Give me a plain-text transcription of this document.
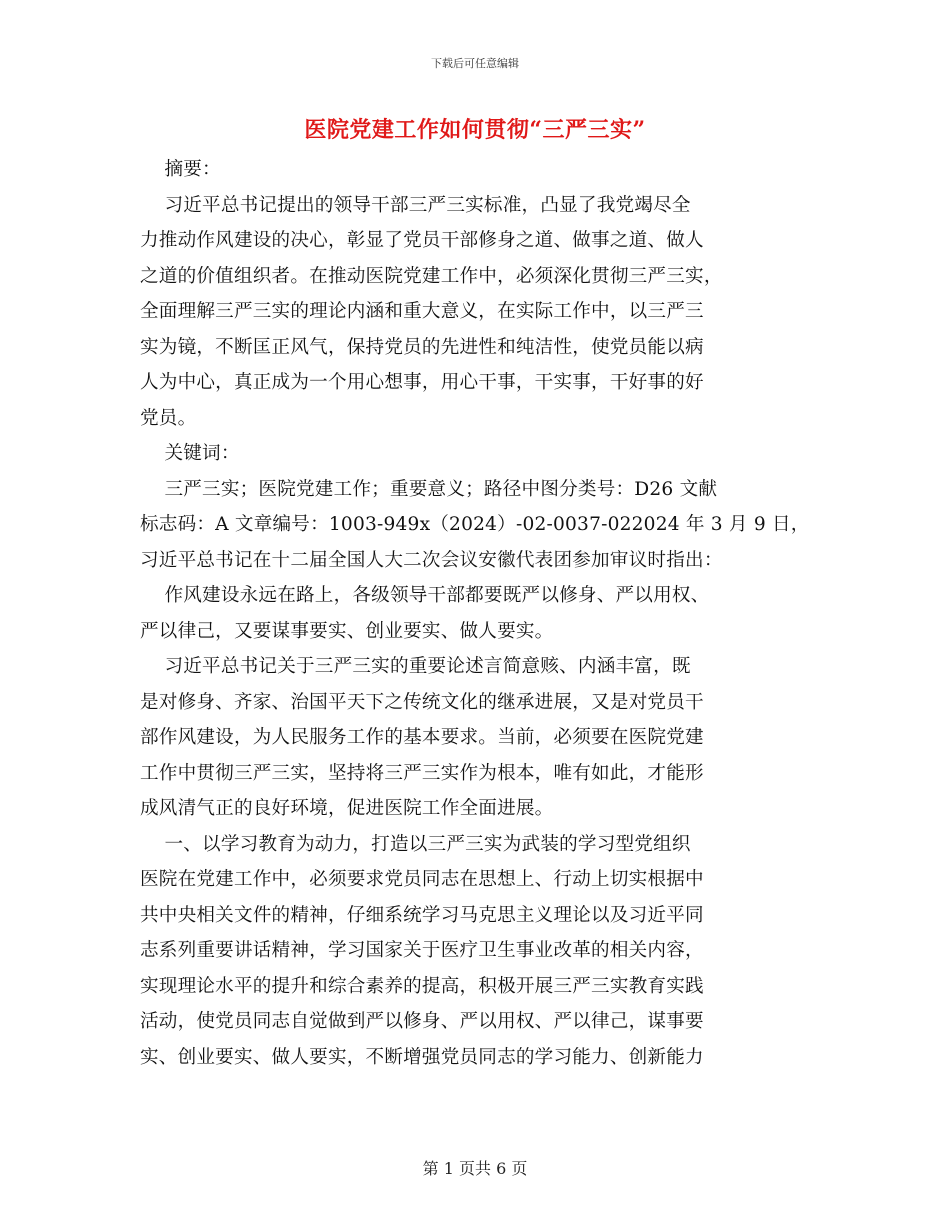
下载后可任意编辑
医院党建工作如何贯彻“三严三实”
摘要：
习近平总书记提出的领导干部三严三实标准，凸显了我党竭尽全
力推动作风建设的决心，彰显了党员干部修身之道、做事之道、做人
之道的价值组织者。在推动医院党建工作中，必须深化贯彻三严三实，
全面理解三严三实的理论内涵和重大意义，在实际工作中，以三严三
实为镜，不断匡正风气，保持党员的先进性和纯洁性，使党员能以病
人为中心，真正成为一个用心想事，用心干事，干实事，干好事的好
党员。
关键词：
三严三实；医院党建工作；重要意义；路径中图分类号：D26 文献
标志码：A 文章编号：1003-949x（2024）-02-0037-022024 年 3 月 9 日，
习近平总书记在十二届全国人大二次会议安徽代表团参加审议时指出：
作风建设永远在路上，各级领导干部都要既严以修身、严以用权、
严以律己，又要谋事要实、创业要实、做人要实。
习近平总书记关于三严三实的重要论述言简意赅、内涵丰富，既
是对修身、齐家、治国平天下之传统文化的继承进展，又是对党员干
部作风建设，为人民服务工作的基本要求。当前，必须要在医院党建
工作中贯彻三严三实，坚持将三严三实作为根本，唯有如此，才能形
成风清气正的良好环境，促进医院工作全面进展。
一、以学习教育为动力，打造以三严三实为武装的学习型党组织
医院在党建工作中，必须要求党员同志在思想上、行动上切实根据中
共中央相关文件的精神，仔细系统学习马克思主义理论以及习近平同
志系列重要讲话精神，学习国家关于医疗卫生事业改革的相关内容，
实现理论水平的提升和综合素养的提高，积极开展三严三实教育实践
活动，使党员同志自觉做到严以修身、严以用权、严以律己，谋事要
实、创业要实、做人要实，不断增强党员同志的学习能力、创新能力
第 1 页共 6 页
